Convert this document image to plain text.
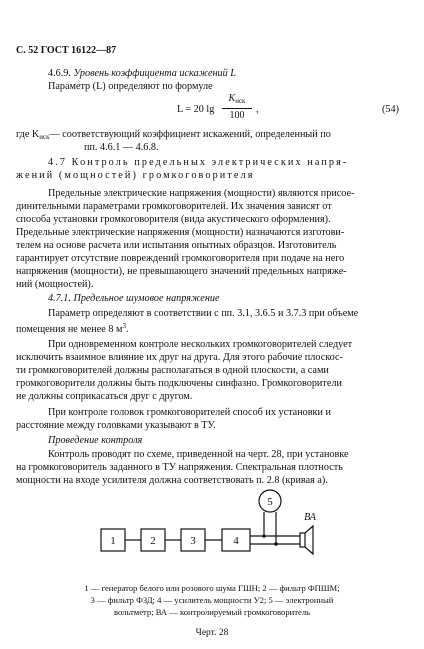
С. 52 ГОСТ 16122—87
4.6.9. Уровень коэффициента искажений L
Параметр (L) определяют по формуле
L = 20 lg
$K_{иск}$
100
,	(54)
где $K_{иск}—$ соответствующий коэффициент искажений, определенный по
пп. 4.6.1 — 4.6.8.
4.7 Контроль предельных электрических напря-
жений (мощностей) громкоговорителя
Предельные электрические напряжения (мощности) являются присое-
динительными параметрами громкоговорителей. Их значения зависят от
способа установки громкоговорителя (вида акустического оформления).
Предельные электрические напряжения (мощности) назначаются изготови-
телем на основе расчета или испытания опытных образцов. Изготовитель
гарантирует отсутствие повреждений громкоговорителя при подаче на него
напряжения (мощности), не превышающего значений предельных напряже-
ний (мощностей).
4.7.1. Предельное шумовое напряжение
Параметр определяют в соответствии с пп. 3.1, 3.6.5 и 3.7.3 при объеме
помещения не менее 8 $м^3$.
При одновременном контроле нескольких громкоговорителей следует
исключить взаимное влияние их друг на друга. Для этого рабочие плоскос-
ти громкоговорителей должны располагаться в одной плоскости, а сами
громкоговорители должны быть подключены синфазно. Громкоговорители
не должны соприкасаться друг с другом.
При контроле головок громкоговорителей способ их установки и
расстояние между головками указывают в ТУ.
Проведение контроля
Контроль проводят по схеме, приведенной на черт. 28, при установке
на громкоговоритель заданного в ТУ напряжения. Спектральная плотность
мощности на входе усилителя должна соответствовать п. 2.8 (кривая а).
1	2	3	4
5
ВА
1 — генератор белого или розового шума ГШН; 2 — фильтр ФПШМ;
3 — фильтр ФЗД; 4 — усилитель мощности У2; 5 — электронный
вольтметр; ВА — контролируемый громкоговоритель
Черт. 28
